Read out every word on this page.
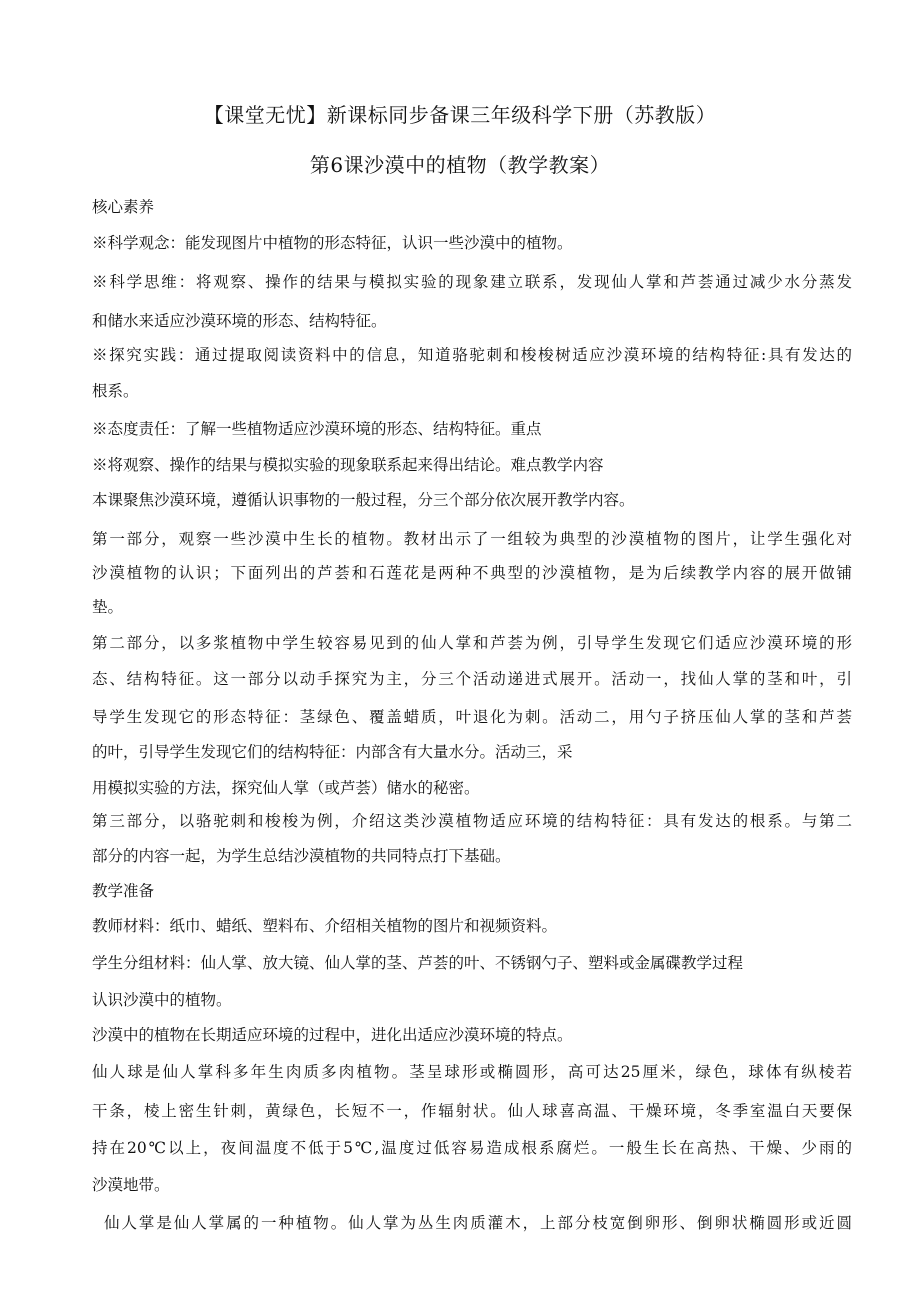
【课堂无忧】新课标同步备课三年级科学下册（苏教版）
第6课沙漠中的植物（教学教案）
核心素养
※科学观念：能发现图片中植物的形态特征，认识一些沙漠中的植物。
※科学思维：将观察、操作的结果与模拟实验的现象建立联系，发现仙人掌和芦荟通过减少水分蒸发
和储水来适应沙漠环境的形态、结构特征。
※探究实践：通过提取阅读资料中的信息，知道骆驼刺和梭梭树适应沙漠环境的结构特征:具有发达的
根系。
※态度责任：了解一些植物适应沙漠环境的形态、结构特征。重点
※将观察、操作的结果与模拟实验的现象联系起来得出结论。难点教学内容
本课聚焦沙漠环境，遵循认识事物的一般过程，分三个部分依次展开教学内容。
第一部分，观察一些沙漠中生长的植物。教材出示了一组较为典型的沙漠植物的图片，让学生强化对
沙漠植物的认识；下面列出的芦荟和石莲花是两种不典型的沙漠植物，是为后续教学内容的展开做铺
垫。
第二部分，以多浆植物中学生较容易见到的仙人掌和芦荟为例，引导学生发现它们适应沙漠环境的形
态、结构特征。这一部分以动手探究为主，分三个活动递进式展开。活动一，找仙人掌的茎和叶，引
导学生发现它的形态特征：茎绿色、覆盖蜡质，叶退化为刺。活动二，用勺子挤压仙人掌的茎和芦荟
的叶，引导学生发现它们的结构特征：内部含有大量水分。活动三，采
用模拟实验的方法，探究仙人掌（或芦荟）储水的秘密。
第三部分，以骆驼刺和梭梭为例，介绍这类沙漠植物适应环境的结构特征：具有发达的根系。与第二
部分的内容一起，为学生总结沙漠植物的共同特点打下基础。
教学准备
教师材料：纸巾、蜡纸、塑料布、介绍相关植物的图片和视频资料。
学生分组材料：仙人掌、放大镜、仙人掌的茎、芦荟的叶、不锈钢勺子、塑料或金属碟教学过程
认识沙漠中的植物。
沙漠中的植物在长期适应环境的过程中，进化出适应沙漠环境的特点。
仙人球是仙人掌科多年生肉质多肉植物。茎呈球形或椭圆形，高可达25厘米，绿色，球体有纵棱若
干条，棱上密生针刺，黄绿色，长短不一，作辐射状。仙人球喜高温、干燥环境，冬季室温白天要保
持在20℃以上，夜间温度不低于5℃,温度过低容易造成根系腐烂。一般生长在高热、干燥、少雨的
沙漠地带。
仙人掌是仙人掌属的一种植物。仙人掌为丛生肉质灌木，上部分枝宽倒卵形、倒卵状椭圆形或近圆
